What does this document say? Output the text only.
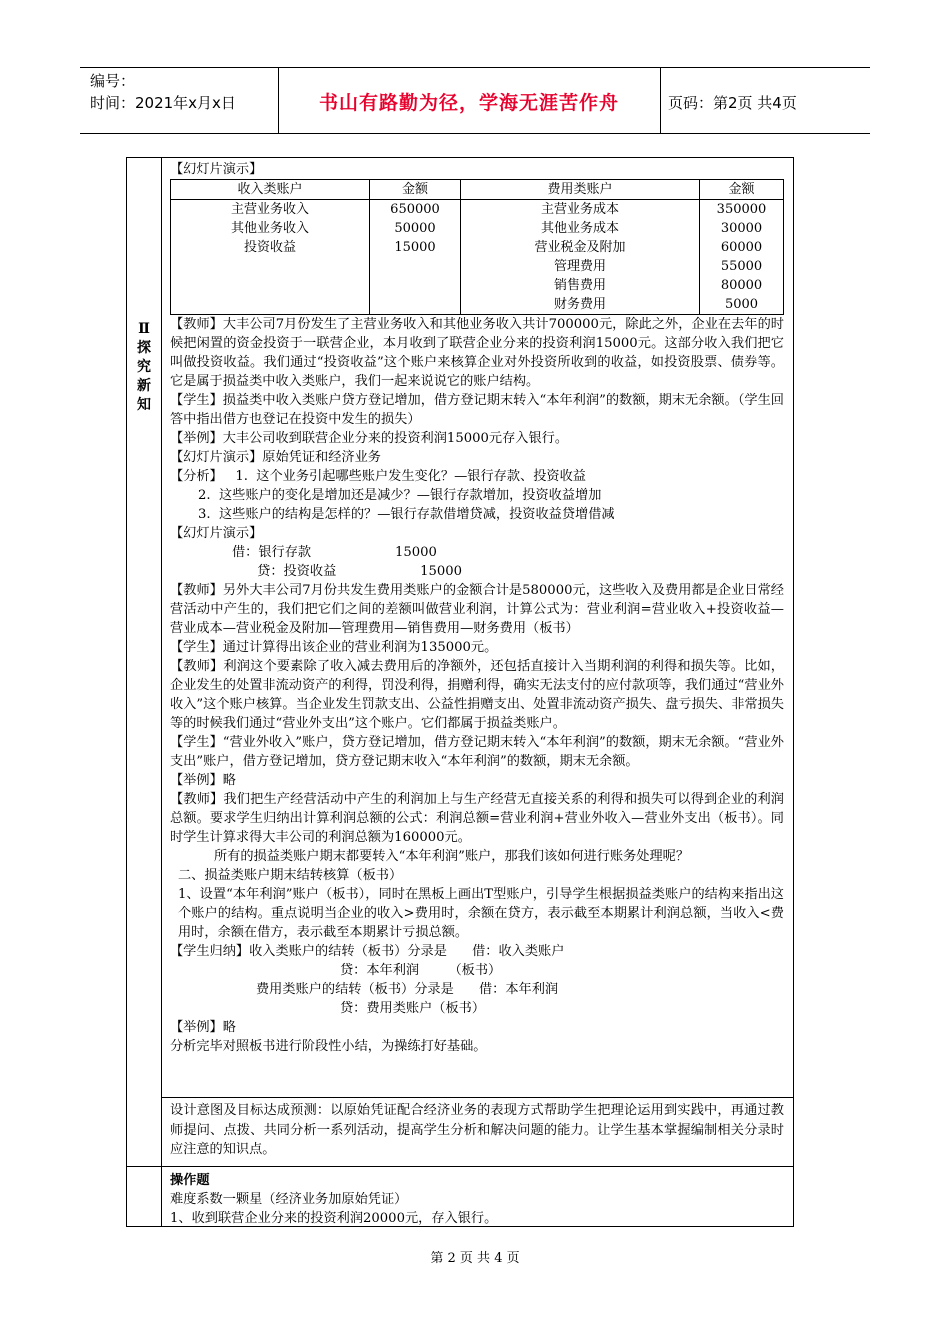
编号：
时间：2021年x月x日	书山有路勤为径，学海无涯苦作舟	页码：第2页 共4页
Ⅱ
探
究
新
知

【幻灯片演示】

收入类账户	金额	费用类账户	金额
主营业务收入	650000	主营业务成本	350000
其他业务收入	50000	其他业务成本	30000
投资收益	15000	营业税金及附加	60000
		管理费用	55000
		销售费用	80000
		财务费用	5000

【教师】大丰公司7月份发生了主营业务收入和其他业务收入共计700000元，除此之外，企业在去年的时候把闲置的资金投资于一联营企业，本月收到了联营企业分来的投资利润15000元。这部分收入我们把它叫做投资收益。我们通过“投资收益”这个账户来核算企业对外投资所收到的收益，如投资股票、债券等。它是属于损益类中收入类账户，我们一起来说说它的账户结构。

【学生】损益类中收入类账户贷方登记增加，借方登记期末转入“本年利润”的数额，期末无余额。（学生回答中指出借方也登记在投资中发生的损失）

【举例】大丰公司收到联营企业分来的投资利润15000元存入银行。

【幻灯片演示】原始凭证和经济业务

【分析】   1.  这个业务引起哪些账户发生变化？—银行存款、投资收益

2.  这些账户的变化是增加还是减少？—银行存款增加，投资收益增加

3.  这些账户的结构是怎样的？—银行存款借增贷减，投资收益贷增借减

【幻灯片演示】

借：银行存款                    15000

贷：投资收益                    15000

【教师】另外大丰公司7月份共发生费用类账户的金额合计是580000元，这些收入及费用都是企业日常经营活动中产生的，我们把它们之间的差额叫做营业利润，计算公式为：营业利润=营业收入+投资收益—营业成本—营业税金及附加—管理费用—销售费用—财务费用（板书）

【学生】通过计算得出该企业的营业利润为135000元。

【教师】利润这个要素除了收入减去费用后的净额外，还包括直接计入当期利润的利得和损失等。比如，企业发生的处置非流动资产的利得，罚没利得，捐赠利得，确实无法支付的应付款项等，我们通过“营业外收入”这个账户核算。当企业发生罚款支出、公益性捐赠支出、处置非流动资产损失、盘亏损失、非常损失等的时候我们通过“营业外支出”这个账户。它们都属于损益类账户。

【学生】“营业外收入”账户，贷方登记增加，借方登记期末转入“本年利润”的数额，期末无余额。“营业外支出”账户，借方登记增加，贷方登记期末收入“本年利润”的数额，期末无余额。

【举例】略

【教师】我们把生产经营活动中产生的利润加上与生产经营无直接关系的利得和损失可以得到企业的利润总额。要求学生归纳出计算利润总额的公式：利润总额=营业利润+营业外收入—营业外支出（板书）。同时学生计算求得大丰公司的利润总额为160000元。

所有的损益类账户期末都要转入“本年利润”账户，那我们该如何进行账务处理呢？

二、损益类账户期末结转核算（板书）

1、设置“本年利润”账户（板书），同时在黑板上画出T型账户，引导学生根据损益类账户的结构来指出这个账户的结构。重点说明当企业的收入>费用时，余额在贷方，表示截至本期累计利润总额，当收入<费用时，余额在借方，表示截至本期累计亏损总额。

【学生归纳】收入类账户的结转（板书）分录是      借：收入类账户

贷：本年利润       （板书）

费用类账户的结转（板书）分录是      借：本年利润

贷：费用类账户（板书）

【举例】略

分析完毕对照板书进行阶段性小结，为操练打好基础。

设计意图及目标达成预测：以原始凭证配合经济业务的表现方式帮助学生把理论运用到实践中，再通过教师提问、点拨、共同分析一系列活动，提高学生分析和解决问题的能力。让学生基本掌握编制相关分录时应注意的知识点。

操作题

难度系数一颗星（经济业务加原始凭证）

1、收到联营企业分来的投资利润20000元，存入银行。

第 2 页 共 4 页
